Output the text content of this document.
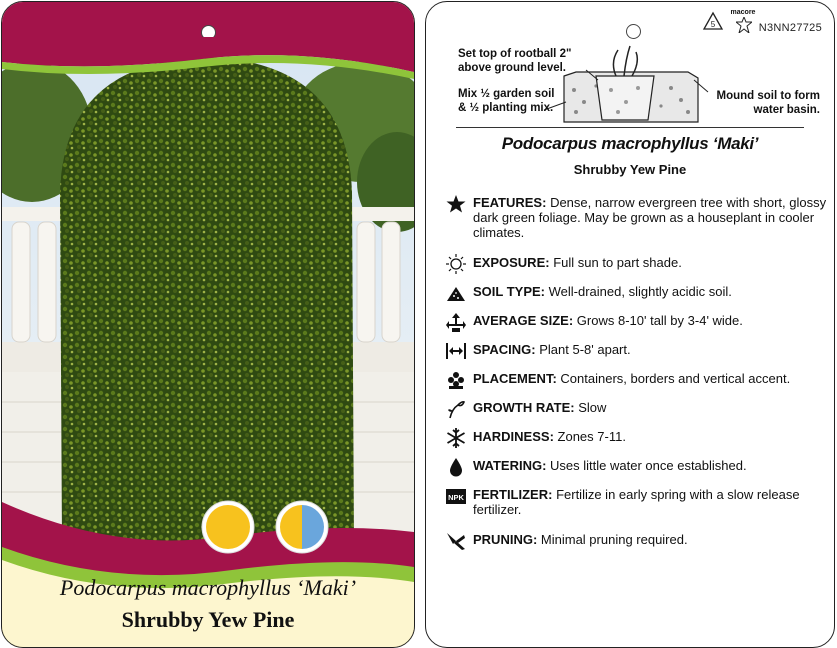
Podocarpus macrophyllus ‘Maki’
Shrubby Yew Pine
5
macore
N3NN27725
Set top of rootball 2"
above ground level.
Mix ½ garden soil
& ½ planting mix.
Mound soil to form
water basin.
Podocarpus macrophyllus ‘Maki’
Shrubby Yew Pine
FEATURES: Dense, narrow evergreen tree with short, glossy dark green foliage. May be grown as a houseplant in cooler climates.
EXPOSURE: Full sun to part shade.
SOIL TYPE: Well-drained, slightly acidic soil.
AVERAGE SIZE: Grows 8-10' tall by 3-4' wide.
SPACING: Plant 5-8' apart.
PLACEMENT: Containers, borders and vertical accent.
GROWTH RATE: Slow
HARDINESS: Zones 7-11.
WATERING: Uses little water once established.
NPK FERTILIZER: Fertilize in early spring with a slow release fertilizer.
PRUNING: Minimal pruning required.
